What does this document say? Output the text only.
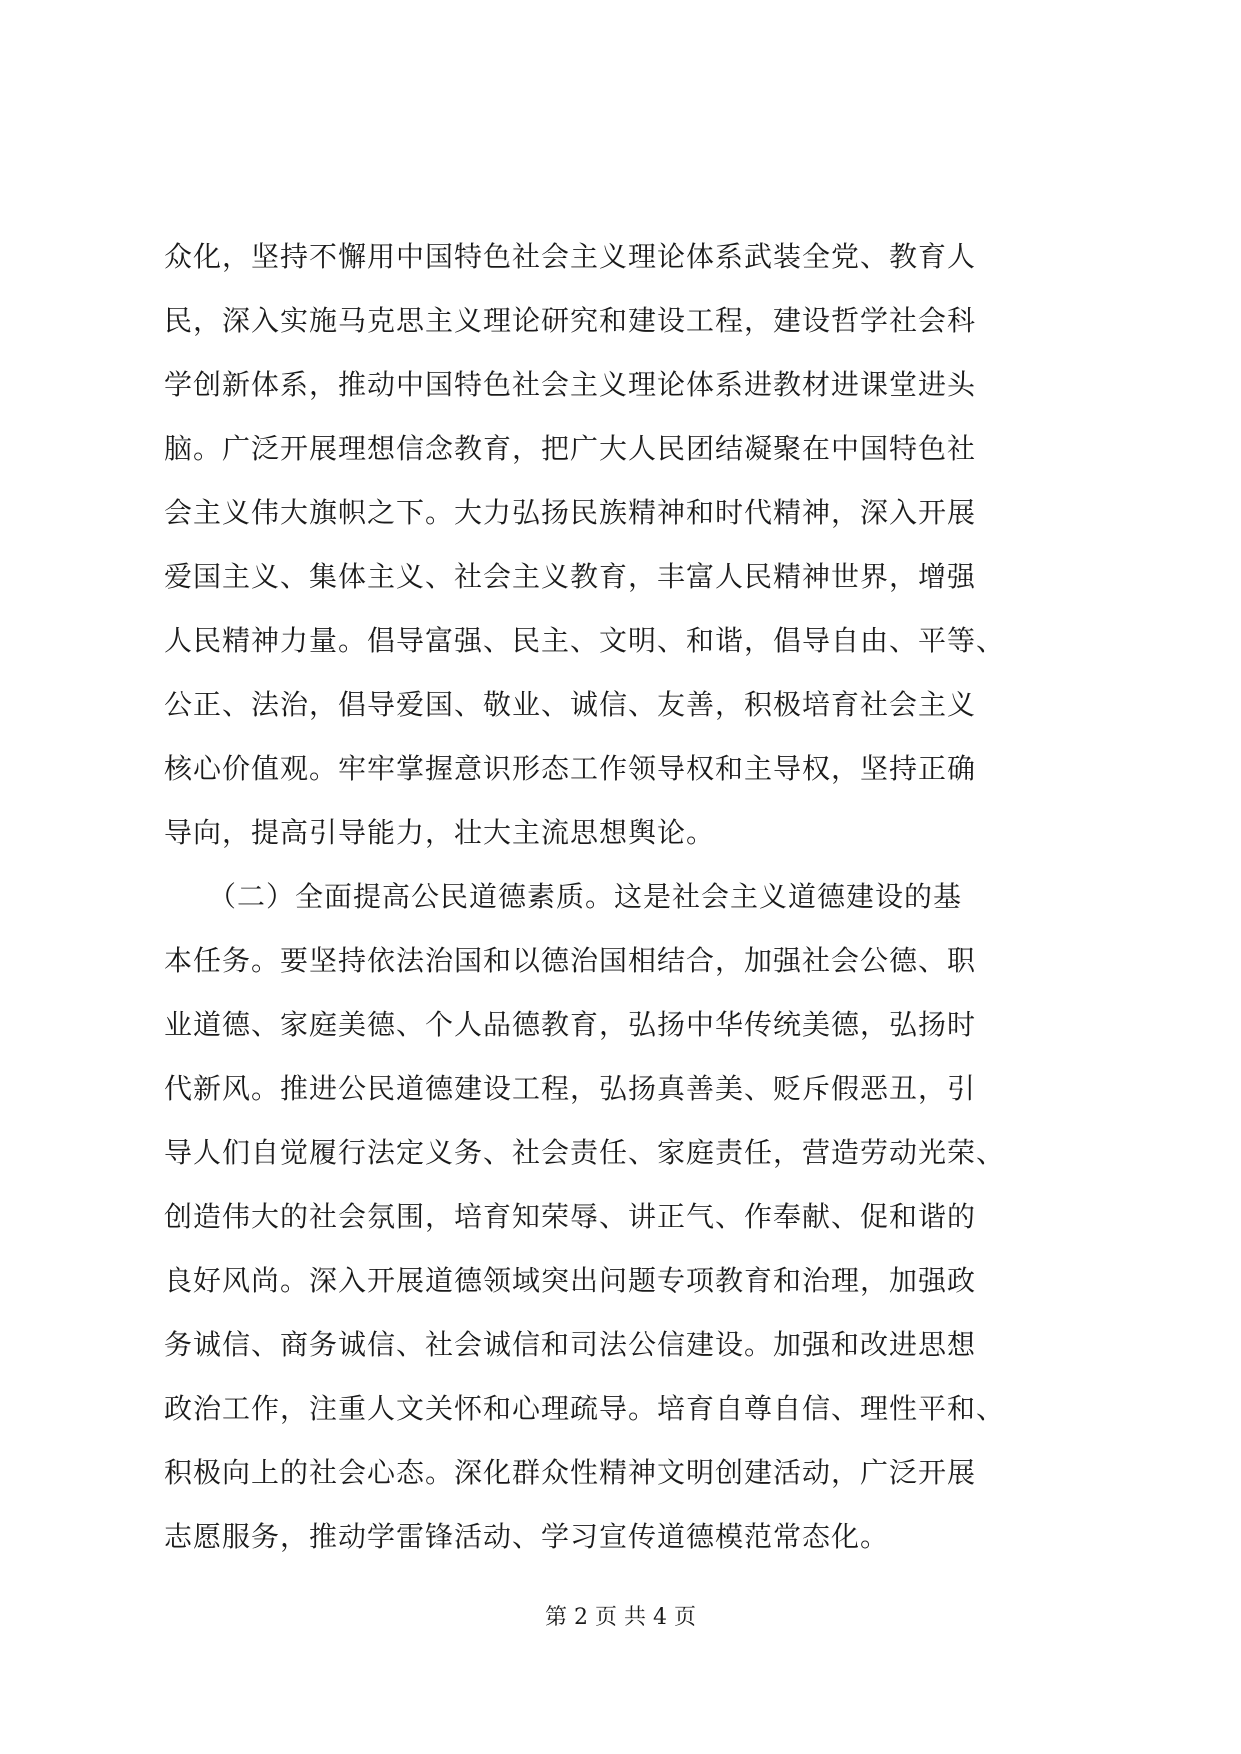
众化，坚持不懈用中国特色社会主义理论体系武装全党、教育人
民，深入实施马克思主义理论研究和建设工程，建设哲学社会科
学创新体系，推动中国特色社会主义理论体系进教材进课堂进头
脑。广泛开展理想信念教育，把广大人民团结凝聚在中国特色社
会主义伟大旗帜之下。大力弘扬民族精神和时代精神，深入开展
爱国主义、集体主义、社会主义教育，丰富人民精神世界，增强
人民精神力量。倡导富强、民主、文明、和谐，倡导自由、平等、
公正、法治，倡导爱国、敬业、诚信、友善，积极培育社会主义
核心价值观。牢牢掌握意识形态工作领导权和主导权，坚持正确
导向，提高引导能力，壮大主流思想舆论。
　　（二）全面提高公民道德素质。这是社会主义道德建设的基
本任务。要坚持依法治国和以德治国相结合，加强社会公德、职
业道德、家庭美德、个人品德教育，弘扬中华传统美德，弘扬时
代新风。推进公民道德建设工程，弘扬真善美、贬斥假恶丑，引
导人们自觉履行法定义务、社会责任、家庭责任，营造劳动光荣、
创造伟大的社会氛围，培育知荣辱、讲正气、作奉献、促和谐的
良好风尚。深入开展道德领域突出问题专项教育和治理，加强政
务诚信、商务诚信、社会诚信和司法公信建设。加强和改进思想
政治工作，注重人文关怀和心理疏导。培育自尊自信、理性平和、
积极向上的社会心态。深化群众性精神文明创建活动，广泛开展
志愿服务，推动学雷锋活动、学习宣传道德模范常态化。
第 2 页 共 4 页
